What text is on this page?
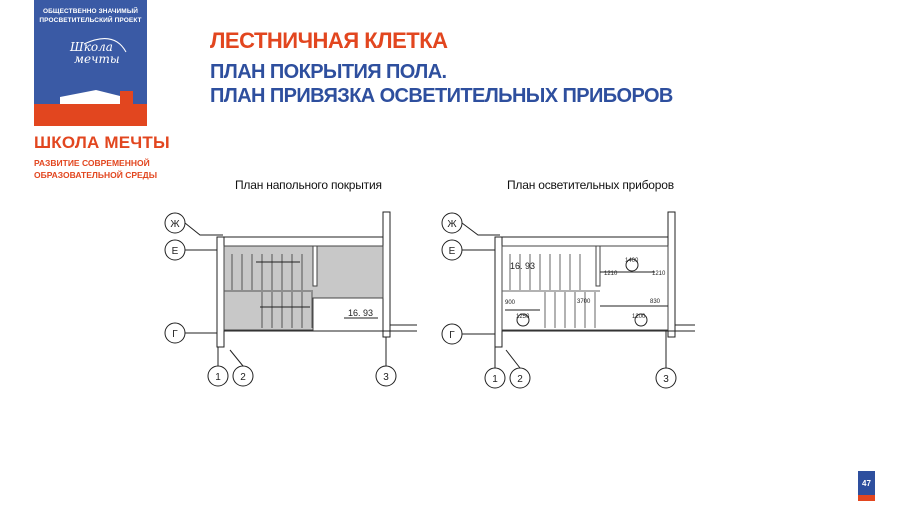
ОБЩЕСТВЕННО ЗНАЧИМЫЙ
ПРОСВЕТИТЕЛЬСКИЙ ПРОЕКТ
Школа
мечты
ШКОЛА МЕЧТЫ
РАЗВИТИЕ СОВРЕМЕННОЙ
ОБРАЗОВАТЕЛЬНОЙ СРЕДЫ
ЛЕСТНИЧНАЯ КЛЕТКА
ПЛАН ПОКРЫТИЯ ПОЛА.
ПЛАН ПРИВЯЗКА ОСВЕТИТЕЛЬНЫХ ПРИБОРОВ
План напольного покрытия	План осветительных приборов
Ж
Е
Г
1 2	3
16. 93
Ж
Е
Г
1 2	3
16. 93
1210	1210
3700
900	830
1250	1200
1400
47
